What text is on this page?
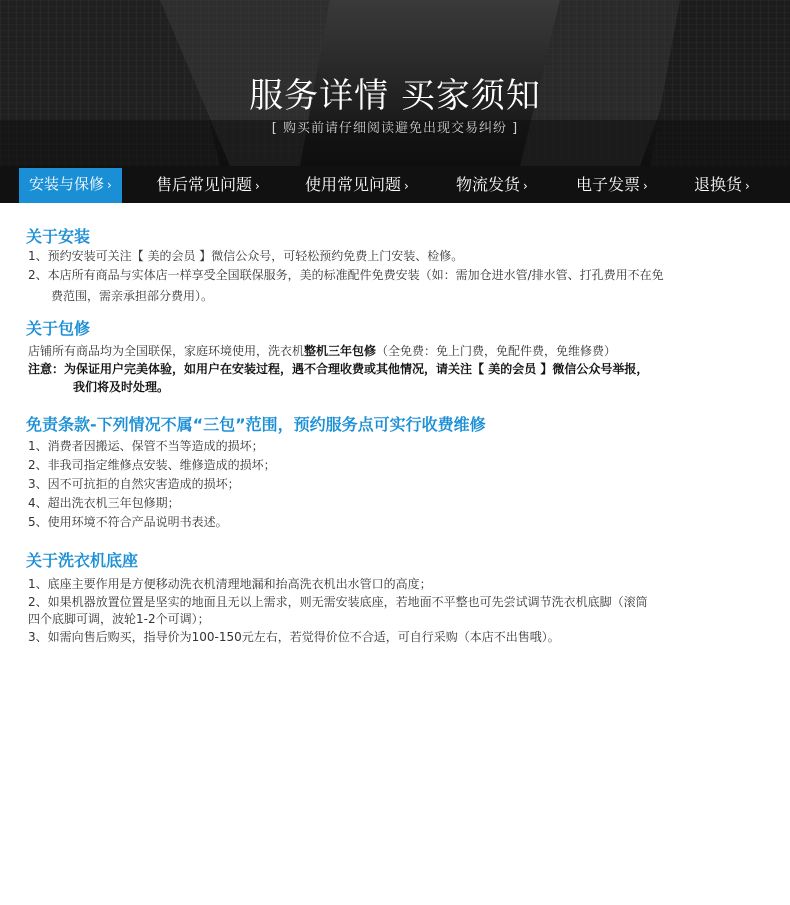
服务详情 买家须知
[ 购买前请仔细阅读避免出现交易纠纷 ]
安装与保修 ›	售后常见问题 ›	使用常见问题 ›	物流发货 ›	电子发票 ›	退换货 ›
关于安装
1、预约安装可关注【 美的会员 】微信公众号，可轻松预约免费上门安装、检修。
2、本店所有商品与实体店一样享受全国联保服务，美的标准配件免费安装（如：需加仓进水管/排水管、打孔费用不在免
费范围，需亲承担部分费用）。
关于包修
店铺所有商品均为全国联保，家庭环境使用，洗衣机整机三年包修（全免费：免上门费，免配件费，免维修费）
注意：为保证用户完美体验，如用户在安装过程，遇不合理收费或其他情况，请关注【 美的会员 】微信公众号举报，
我们将及时处理。
免责条款-下列情况不属“三包”范围，预约服务点可实行收费维修
1、消费者因搬运、保管不当等造成的损坏；
2、非我司指定维修点安装、维修造成的损坏；
3、因不可抗拒的自然灾害造成的损坏；
4、超出洗衣机三年包修期；
5、使用环境不符合产品说明书表述。
关于洗衣机底座
1、底座主要作用是方便移动洗衣机清理地漏和抬高洗衣机出水管口的高度；
2、如果机器放置位置是坚实的地面且无以上需求，则无需安装底座，若地面不平整也可先尝试调节洗衣机底脚（滚筒
四个底脚可调，波轮1-2个可调）；
3、如需向售后购买，指导价为100-150元左右，若觉得价位不合适，可自行采购（本店不出售哦）。
